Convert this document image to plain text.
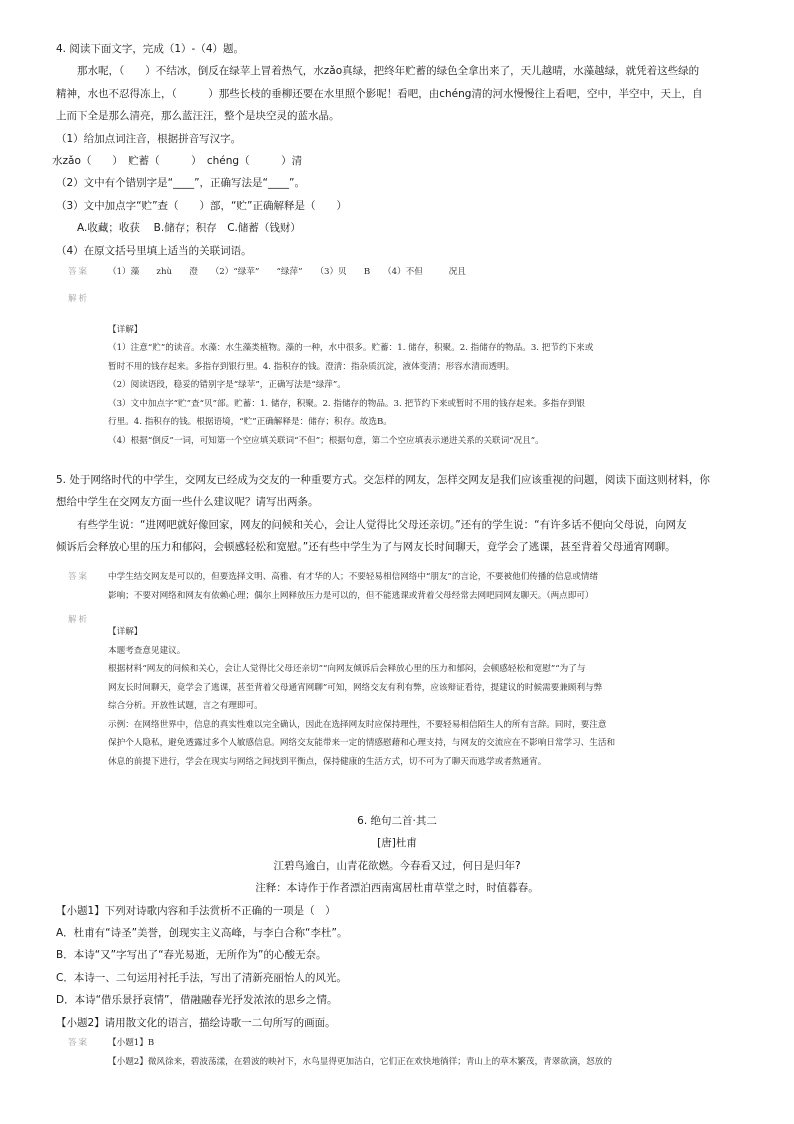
4. 阅读下面文字，完成（1）-（4）题。

那水呢，（　　）不结冰，倒反在绿苹上冒着热气，水zǎo真绿，把终年贮蓄的绿色全拿出来了，天儿越晴，水藻越绿，就凭着这些绿的

精神，水也不忍得冻上，（　　　）那些长枝的垂柳还要在水里照个影呢！看吧，由chéng清的河水慢慢往上看吧，空中，半空中，天上，自

上而下全是那么清亮，那么蓝汪汪，整个是块空灵的蓝水晶。

（1）给加点词注音，根据拼音写汉字。

水zǎo（　　）　贮蓄（　　　）　chéng（　　　）清

（2）文中有个错别字是“____”，正确写法是“____”。

（3）文中加点字“贮”查（　　）部，“贮”正确解释是（　　）

A.收藏；收获　 B.储存；积存　C.储蓄（钱财）

（4）在原文括号里填上适当的关联词语。

答案 （1）藻　　zhù　　澄　　（2）“绿苹”　　“绿萍”　　（3）贝　　B　　（4）不但　　　况且
解析

【详解】

（1）注意“贮”的读音。水藻：水生藻类植物。藻的一种，水中很多。贮蓄：1. 储存，积聚。2. 指储存的物品。3. 把节约下来或

暂时不用的钱存起来。多指存到银行里。4. 指积存的钱。澄清：指杂质沉淀，液体变清；形容水清而透明。

（2）阅读语段，稳妥的错别字是“绿苹”，正确写法是“绿萍”。

（3）文中加点字“贮”查“贝”部。贮蓄：1. 储存，积聚。2. 指储存的物品。3. 把节约下来或暂时不用的钱存起来。多指存到银

行里。4. 指积存的钱。根据语境，“贮”正确解释是：储存；积存。故选B。

（4）根据“倒反”一词，可知第一个空应填关联词“不但”；根据句意，第二个空应填表示递进关系的关联词“况且”。

5. 处于网络时代的中学生，交网友已经成为交友的一种重要方式。交怎样的网友，怎样交网友是我们应该重视的问题，阅读下面这则材料，你

想给中学生在交网友方面一些什么建议呢？请写出两条。

有些学生说：“进网吧就好像回家，网友的问候和关心，会让人觉得比父母还亲切。”还有的学生说：“有许多话不便向父母说，向网友

倾诉后会释放心里的压力和郁闷，会顿感轻松和宽慰。”还有些中学生为了与网友长时间聊天，竟学会了逃课，甚至背着父母通宵网聊。

答案 中学生结交网友是可以的，但要选择文明、高雅、有才华的人；不要轻易相信网络中“朋友”的言论，不要被他们传播的信息或情绪
影响；不要对网络和网友有依赖心理；偶尔上网释放压力是可以的，但不能逃课或背着父母经常去网吧同网友聊天。（两点即可）
解析

【详解】

本题考查意见建议。

根据材料“网友的问候和关心，会让人觉得比父母还亲切”“向网友倾诉后会释放心里的压力和郁闷，会顿感轻松和宽慰”“为了与

网友长时间聊天，竟学会了逃课，甚至背着父母通宵网聊”可知，网络交友有利有弊，应该辩证看待，提建议的时候需要兼顾利与弊

综合分析。开放性试题，言之有理即可。

示例：在网络世界中，信息的真实性难以完全确认，因此在选择网友时应保持理性，不要轻易相信陌生人的所有言辞。同时，要注意

保护个人隐私，避免透露过多个人敏感信息。网络交友能带来一定的情感慰藉和心理支持，与网友的交流应在不影响日常学习、生活和

休息的前提下进行，学会在现实与网络之间找到平衡点，保持健康的生活方式，切不可为了聊天而逃学或者熬通宵。

6. 绝句二首·其二

[唐]杜甫

江碧鸟逾白，山青花欲燃。今春看又过，何日是归年?

注释：本诗作于作者漂泊西南寓居杜甫草堂之时，时值暮春。

【小题1】下列对诗歌内容和手法赏析不正确的一项是（　）

A．杜甫有“诗圣”美誉，创现实主义高峰，与李白合称“李杜”。

B．本诗“又”字写出了“春光易逝，无所作为”的心酸无奈。

C．本诗一、二句运用衬托手法，写出了清新亮丽怡人的风光。

D．本诗“借乐景抒哀情”，借融融春光抒发浓浓的思乡之情。

【小题2】请用散文化的语言，描绘诗歌一二句所写的画面。

答案 【小题1】B
【小题2】微风徐来，碧波荡漾，在碧波的映衬下，水鸟显得更加洁白，它们正在欢快地徜徉；青山上的草木繁茂，青翠欲滴，怒放的
